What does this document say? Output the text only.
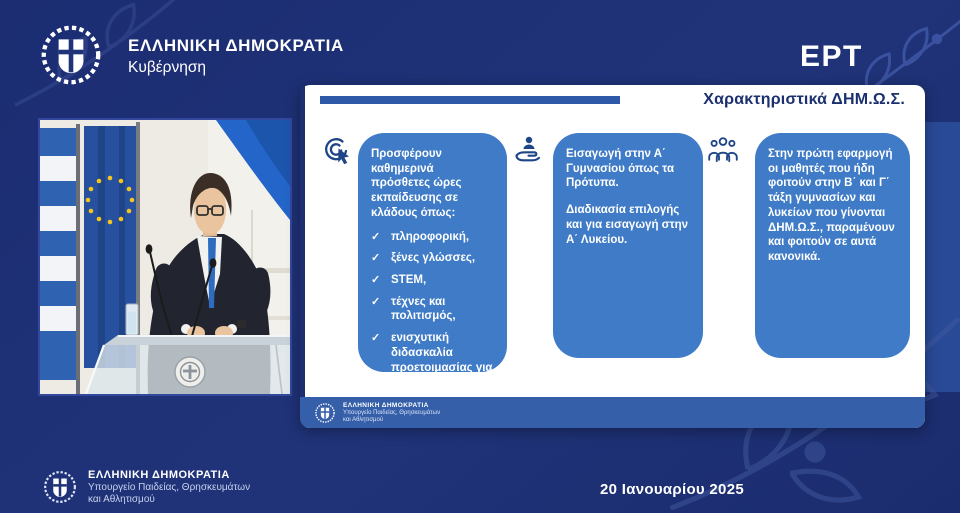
ΕΛΛΗΝΙΚΗ ΔΗΜΟΚΡΑΤΙΑ
Κυβέρνηση	ΕΡΤ
Χαρακτηριστικά ΔΗΜ.Ω.Σ.

Προσφέρουν καθημερινά πρόσθετες ώρες εκπαίδευσης σε κλάδους όπως:

✓ πληροφορική,
✓ ξένες γλώσσες,
✓ STEM,
✓ τέχνες και πολιτισμός,
✓ ενισχυτική διδασκαλία προετοιμασίας για Πανελλαδικές.

Εισαγωγή στην Α΄ Γυμνασίου όπως τα Πρότυπα.

Διαδικασία επιλογής και για εισαγωγή στην Α΄ Λυκείου.

Στην πρώτη εφαρμογή οι μαθητές που ήδη φοιτούν στην Β΄ και Γ΄ τάξη γυμνασίων και λυκείων που γίνονται ΔΗΜ.Ω.Σ., παραμένουν και φοιτούν σε αυτά κανονικά.

ΕΛΛΗΝΙΚΗ ΔΗΜΟΚΡΑΤΙΑ
Υπουργείο Παιδείας, Θρησκευμάτων
και Αθλητισμού
ΕΛΛΗΝΙΚΗ ΔΗΜΟΚΡΑΤΙΑ
Υπουργείο Παιδείας, Θρησκευμάτων
και Αθλητισμού
20 Ιανουαρίου 2025
